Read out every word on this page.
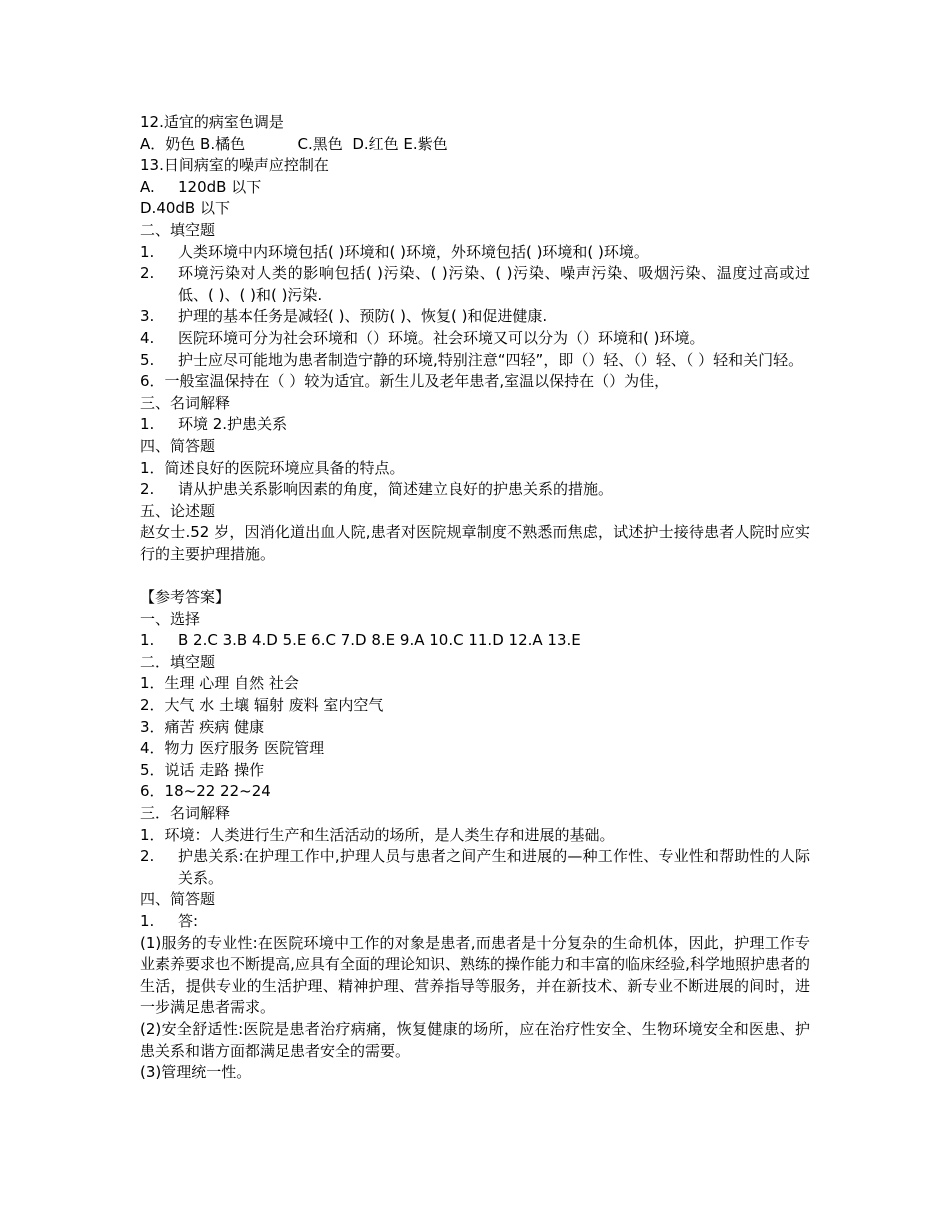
12.适宜的病室色调是
A．奶色 B.橘色           C.黑色  D.红色 E.紫色
13.日间病室的噪声应控制在
A.	120dB 以下
D.40dB 以下
二、填空题
1.	人类环境中内环境包括( )环境和( )环境，外环境包括( )环境和( )环境。
2.	环境污染对人类的影响包括( )污染、( )污染、( )污染、噪声污染、吸烟污染、温度过高或过低、( )、( )和( )污染.
3.	护理的基本任务是减轻( )、预防( )、恢复( )和促进健康.
4.	医院环境可分为社会环境和（）环境。社会环境又可以分为（）环境和( )环境。
5.	护士应尽可能地为患者制造宁静的环境,特别注意“四轻”，即（）轻、（）轻、（ ）轻和关门轻。
6．一般室温保持在（ ）较为适宜。新生儿及老年患者,室温以保持在（）为佳，
三、名词解释
1.	环境 2.护患关系
四、简答题
1．简述良好的医院环境应具备的特点。
2.	请从护患关系影响因素的角度，简述建立良好的护患关系的措施。
五、论述题
赵女士.52 岁，因消化道出血人院,患者对医院规章制度不熟悉而焦虑，试述护士接待患者人院时应实行的主要护理措施。
【参考答案】
一、选择
1.	B 2.C 3.B 4.D 5.E 6.C 7.D 8.E 9.A 10.C 11.D 12.A 13.E
二．填空题
1．生理 心理 自然 社会
2．大气 水 土壤 辐射 废料 室内空气
3．痛苦 疾病 健康
4．物力 医疗服务 医院管理
5．说话 走路 操作
6．18~22 22~24
三．名词解释
1．环境：人类进行生产和生活活动的场所，是人类生存和进展的基础。
2.	护患关系:在护理工作中,护理人员与患者之间产生和进展的—种工作性、专业性和帮助性的人际关系。
四、简答题
1.	答:
(1)服务的专业性:在医院环境中工作的对象是患者,而患者是十分复杂的生命机体，因此，护理工作专业素养要求也不断提高,应具有全面的理论知识、熟练的操作能力和丰富的临床经验,科学地照护患者的生活，提供专业的生活护理、精神护理、营养指导等服务，并在新技术、新专业不断进展的间时，进一步满足患者需求。
(2)安全舒适性:医院是患者治疗病痛，恢复健康的场所，应在治疗性安全、生物环境安全和医患、护患关系和谐方面都满足患者安全的需要。
(3)管理统一性。
